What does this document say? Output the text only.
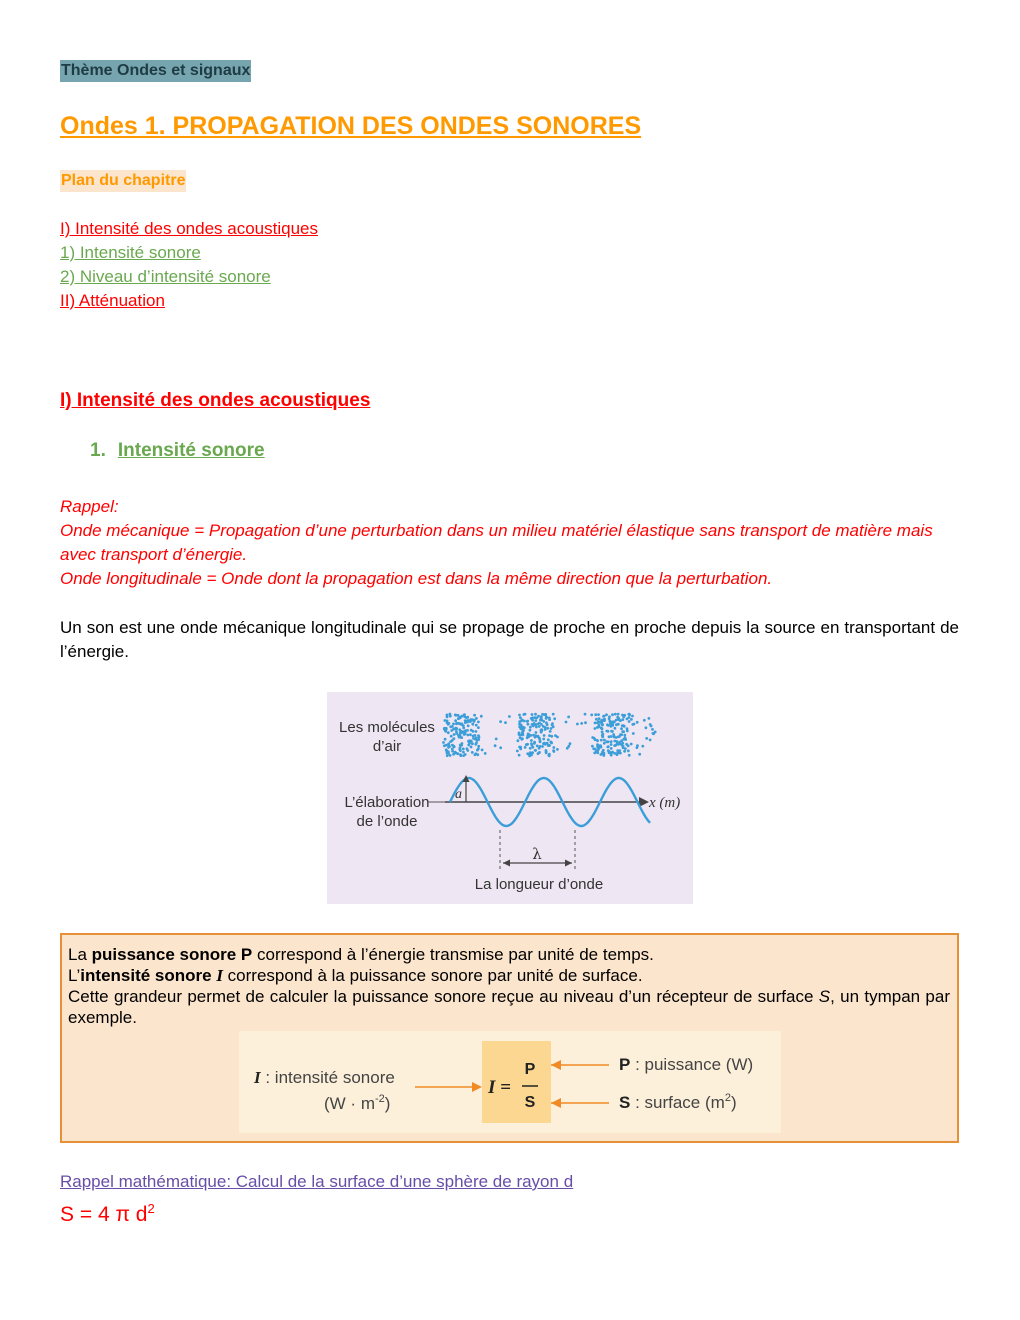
Thème Ondes et signaux
Ondes 1. PROPAGATION DES ONDES SONORES
Plan du chapitre
I) Intensité des ondes acoustiques
1) Intensité sonore
2) Niveau d’intensité sonore
II) Atténuation
I) Intensité des ondes acoustiques
1. Intensité sonore
Rappel:
Onde mécanique = Propagation d’une perturbation dans un milieu matériel élastique sans transport de matière mais avec transport d’énergie.
Onde longitudinale = Onde dont la propagation est dans la même direction que la perturbation.
Un son est une onde mécanique longitudinale qui se propage de proche en proche depuis la source en transportant de l’énergie.
Les molécules
d’air
L’élaboration
de l’onde
x (m)
a
λ
La longueur d’onde
La puissance sonore P correspond à l’énergie transmise par unité de temps.
L’intensité sonore I correspond à la puissance sonore par unité de surface.
Cette grandeur permet de calculer la puissance sonore reçue au niveau d’un récepteur de surface S, un tympan par exemple.
I : intensité sonore
$(W \cdot m^{-2})$
I =
P
S
P : puissance (W)
S : surface $(m^2)$
Rappel mathématique: Calcul de la surface d’une sphère de rayon d
S = 4 π $d^2$
